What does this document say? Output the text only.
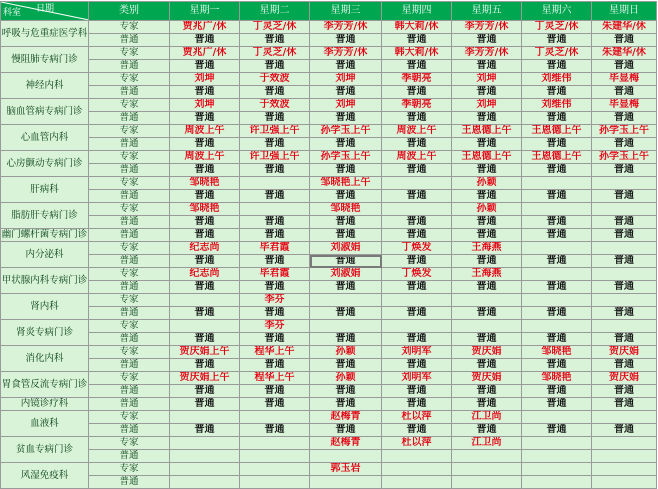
日期
科室	类别	星期一	星期二	星期三	星期四	星期五	星期六	星期日
呼吸与危重症医学科	专家	贾兆广/休	丁灵芝/休	李芳芳/休	韩大莉/休	李芳芳/休	丁灵芝/休	朱建华/休
	普通	普通	普通	普通	普通	普通	普通	普通
慢阻肺专病门诊	专家	贾兆广/休	丁灵芝/休	李芳芳/休	韩大莉/休	李芳芳/休	丁灵芝/休	朱建华/休
	普通	普通	普通	普通	普通	普通	普通	普通
神经内科	专家	刘坤	于效波	刘坤	季朝亮	刘坤	刘维伟	毕显梅
	普通	普通	普通	普通	普通	普通	普通	普通
脑血管病专病门诊	专家	刘坤	于效波	刘坤	季朝亮	刘坤	刘维伟	毕显梅
	普通	普通	普通	普通	普通	普通	普通	普通
心血管内科	专家	周波上午	许卫强上午	孙学玉上午	周波上午	王恩德上午	王恩德上午	孙学玉上午
	普通	普通	普通	普通	普通	普通	普通	普通
心房颤动专病门诊	专家	周波上午	许卫强上午	孙学玉上午	周波上午	王恩德上午	王恩德上午	孙学玉上午
	普通	普通	普通	普通	普通	普通	普通	普通
肝病科	专家	邹晓艳		邹晓艳上午		孙颖		
	普通	普通	普通	普通	普通	普通	普通	普通
脂肪肝专病门诊	专家	邹晓艳		邹晓艳		孙颖		
	普通	普通	普通	普通	普通	普通	普通	普通
幽门螺杆菌专病门诊	普通	普通	普通	普通	普通	普通	普通	普通
内分泌科	专家	纪志尚	毕君霞	刘淑娟	丁焕发	王海燕		
	普通	普通	普通	普通	普通	普通	普通	普通
甲状腺内科专病门诊	专家	纪志尚	毕君霞	刘淑娟	丁焕发	王海燕		
	普通	普通	普通	普通	普通	普通	普通	普通
肾内科	专家		李芬					
	普通	普通	普通	普通	普通	普通	普通	普通
肾炎专病门诊	专家		李芬					
	普通	普通	普通	普通	普通	普通	普通	普通
消化内科	专家	贺庆娟上午	程华上午	孙颖	刘明军	贺庆娟	邹晓艳	贺庆娟
	普通	普通	普通	普通	普通	普通	普通	普通
胃食管反流专病门诊	专家	贺庆娟上午	程华上午	孙颖	刘明军	贺庆娟	邹晓艳	贺庆娟
	普通	普通	普通	普通	普通	普通	普通	普通
内镜诊疗科	普通	普通	普通	普通	普通	普通	普通	普通
血液科	专家			赵梅青	杜以萍	江卫尚		
	普通	普通	普通	普通	普通	普通	普通	普通
贫血专病门诊	专家			赵梅青	杜以萍	江卫尚		
	普通							
风湿免疫科	专家			郭玉岩				
	普通							
